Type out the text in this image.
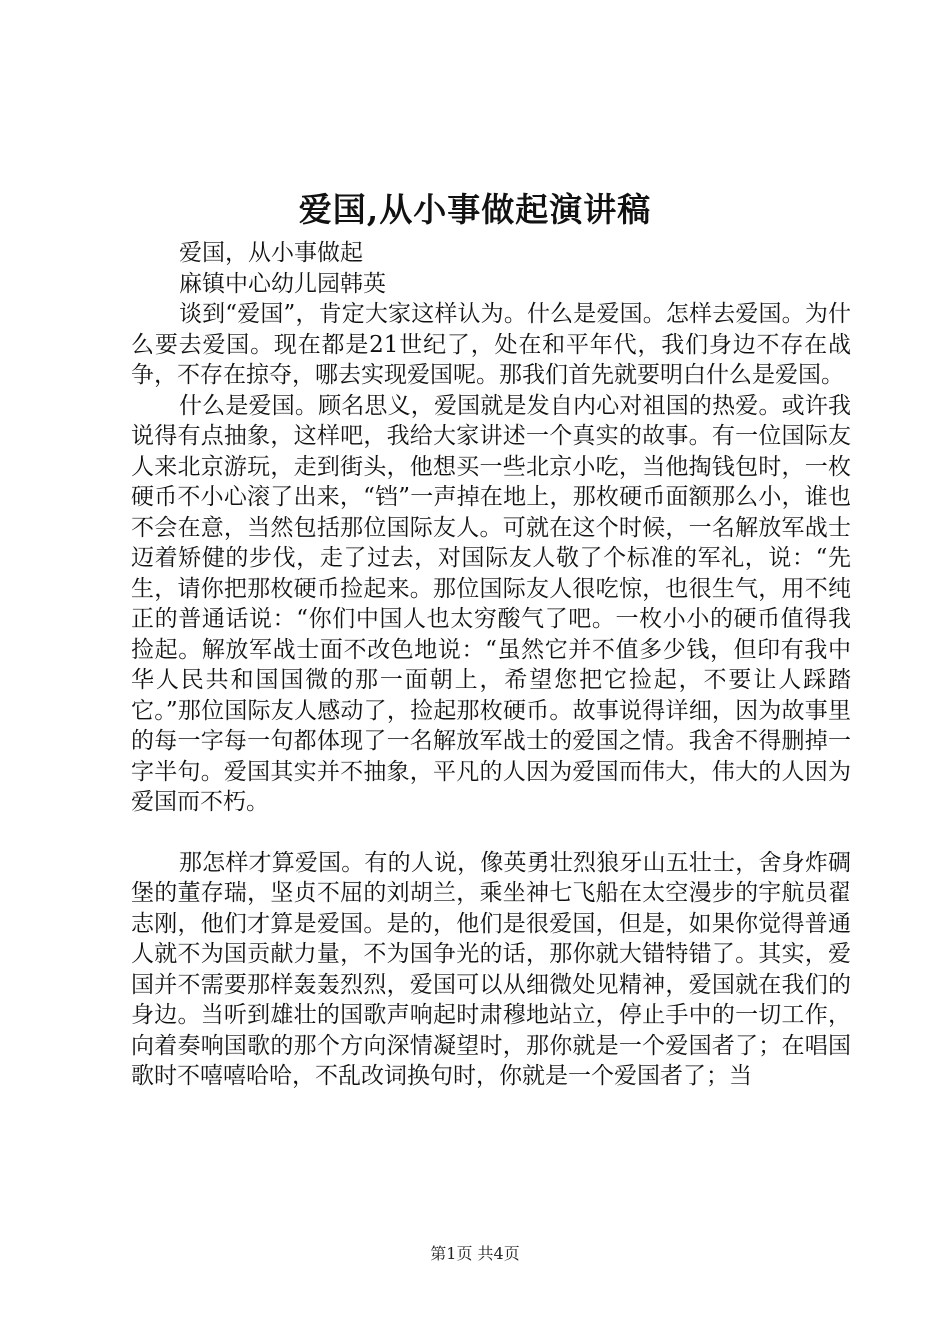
爱国,从小事做起演讲稿

爱国，从小事做起

麻镇中心幼儿园韩英

谈到“爱国”，肯定大家这样认为。什么是爱国。怎样去爱国。为什么要去爱国。现在都是21世纪了，处在和平年代，我们身边不存在战争，不存在掠夺，哪去实现爱国呢。那我们首先就要明白什么是爱国。

什么是爱国。顾名思义，爱国就是发自内心对祖国的热爱。或许我说得有点抽象，这样吧，我给大家讲述一个真实的故事。有一位国际友人来北京游玩，走到街头，他想买一些北京小吃，当他掏钱包时，一枚硬币不小心滚了出来，“铛”一声掉在地上，那枚硬币面额那么小，谁也不会在意，当然包括那位国际友人。可就在这个时候，一名解放军战士迈着矫健的步伐，走了过去，对国际友人敬了个标准的军礼，说：“先生，请你把那枚硬币捡起来。那位国际友人很吃惊，也很生气，用不纯正的普通话说：“你们中国人也太穷酸气了吧。一枚小小的硬币值得我捡起。解放军战士面不改色地说：“虽然它并不值多少钱，但印有我中华人民共和国国微的那一面朝上，希望您把它捡起，不要让人踩踏它。”那位国际友人感动了，捡起那枚硬币。故事说得详细，因为故事里的每一字每一句都体现了一名解放军战士的爱国之情。我舍不得删掉一字半句。爱国其实并不抽象，平凡的人因为爱国而伟大，伟大的人因为爱国而不朽。

那怎样才算爱国。有的人说，像英勇壮烈狼牙山五壮士，舍身炸碉堡的董存瑞，坚贞不屈的刘胡兰，乘坐神七飞船在太空漫步的宇航员翟志刚，他们才算是爱国。是的，他们是很爱国，但是，如果你觉得普通人就不为国贡献力量，不为国争光的话，那你就大错特错了。其实，爱国并不需要那样轰轰烈烈，爱国可以从细微处见精神，爱国就在我们的身边。当听到雄壮的国歌声响起时肃穆地站立，停止手中的一切工作，向着奏响国歌的那个方向深情凝望时，那你就是一个爱国者了；在唱国歌时不嘻嘻哈哈，不乱改词换句时，你就是一个爱国者了；当

第1页 共4页
